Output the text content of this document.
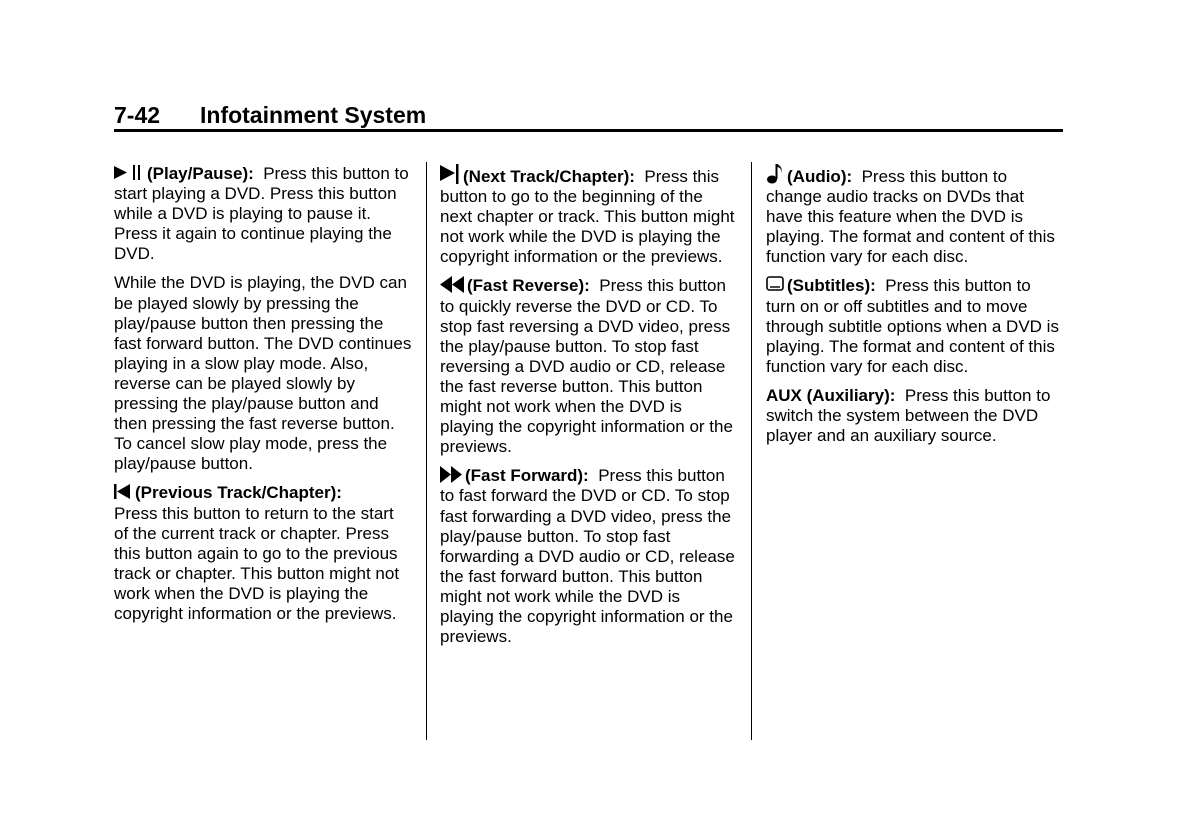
7-42 Infotainment System

(Play/Pause): Press this button to start playing a DVD. Press this button while a DVD is playing to pause it. Press it again to continue playing the DVD.

While the DVD is playing, the DVD can be played slowly by pressing the play/pause button then pressing the fast forward button. The DVD continues playing in a slow play mode. Also, reverse can be played slowly by pressing the play/pause button and then pressing the fast reverse button. To cancel slow play mode, press the play/pause button.

(Previous Track/Chapter):
Press this button to return to the start of the current track or chapter. Press this button again to go to the previous track or chapter. This button might not work when the DVD is playing the copyright information or the previews.

(Next Track/Chapter): Press this button to go to the beginning of the next chapter or track. This button might not work while the DVD is playing the copyright information or the previews.

(Fast Reverse): Press this button to quickly reverse the DVD or CD. To stop fast reversing a DVD video, press the play/pause button. To stop fast reversing a DVD audio or CD, release the fast reverse button. This button might not work when the DVD is playing the copyright information or the previews.

(Fast Forward): Press this button to fast forward the DVD or CD. To stop fast forwarding a DVD video, press the play/pause button. To stop fast forwarding a DVD audio or CD, release the fast forward button. This button might not work while the DVD is playing the copyright information or the previews.

(Audio): Press this button to change audio tracks on DVDs that have this feature when the DVD is playing. The format and content of this function vary for each disc.

(Subtitles): Press this button to turn on or off subtitles and to move through subtitle options when a DVD is playing. The format and content of this function vary for each disc.

AUX (Auxiliary): Press this button to switch the system between the DVD player and an auxiliary source.
